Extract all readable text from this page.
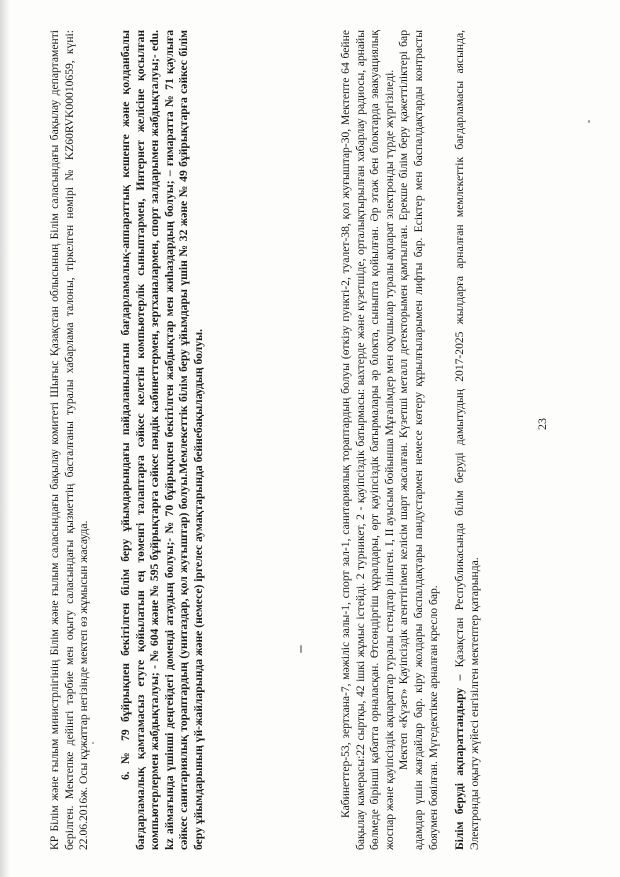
КР Білім және ғылым министрлігінің Білім және ғылым саласындағы бақылау комитеті Шығыс Қазақстан облысының Білім саласындағы бақылау департаменті берілген. Мектепке дейінгі тәрбие мен оқыту саласындағы қызметтің басталғаны туралы хабарлама талоны, тіркелген нөмірі № KZ60RVK00010659, күні: 22.06.2016ж. Осы құжаттар негізінде мектеп өз жұмысын жасауда.	6. № 79 бұйрықпен бекітілген білім беру ұйымдарындағы пайдаланылатын бағдарламалық-аппараттық кешенге және қолданбалы бағдарламалық қамтамасыз етуге қойылатын ең төменгі талаптарға сәйкес келетін компьютерлік сыныптармен, Интернет желісіне қосылған компьютерлермен жабдықталуы; - № 604 және № 595 бұйрықтарға сәйкес пәндік кабинеттермен, зертханалармен, спорт залдарымен жабдықталуы;- edu. kz аймағында үшінші деңгейдегі доменді атаудың болуы;- № 70 бұйрықпен бекітілген жабдықтар мен жиһаздардың болуы; – ғимаратта № 71 қаулыға сәйкес санитариялық тораптардың (унитаздар, қол жуғыштар) болуы.Мемлекеттік білім беру ұйымдары үшін № 32 және № 49 бұйрықтарға сәйкес білім беру ұйымдарының үй-жайларында және (немесе) іргелес аумақтарында бейнебақылаудың болуы.	Кабинеттер-53, зертхана-7, мәжіліс залы-1, спорт зал-1, санитариялық тораптардың болуы (өткізу пункті-2, туалет-38, қол жуғыштар-30, Мектепте 64 бейне бақылау камерасы:22 сыртқы, 42 ішкі жұмыс істейді. 2 турникет, 2 - қауіпсіздік батырмасы: вахтерде және күзетшіде, орталықтырылған хабарлау радиосы, арнайы бөлмеде бірінші қабатта орналасқан. Өтсөндіргіш құралдары, өрт қауіпсіздік батырмалары әр блокта, сыныпта қойылған. Әр этаж бен блоктарда эвакуациялық жоспар және қауіпсіздік ақпараттар туралы стендтар ілінген. I, II ауысым бойынша Мұғалімдер мен оқушылар туралы ақпарат электронды түрде жүргізіледі. Мектеп «Күзет» Қауіпсіздік агенттігімен келісім шарт жасалған. Күзетші металл детекторымен қамтылған. Ерекше білім беру қажеттіліктері бар адамдар үшін жағдайлар бар. кіру жолдары баспалдақтары пандустармен немесе көтеру құрылғыларымен лифты бар. Есіктер мен баспалдақтарды контрасты бояумен бояілған. Мүгедектікке арналған кресло бар. Білім беруді ақпараттандыру – Қазақстан Республикасында білім беруді дамытудың 2017-2025 жылдарға арналған мемлекеттік бағдарламасы аясында, Электронды оқыту жүйесі енгізілген мектептер қатарында.

23
